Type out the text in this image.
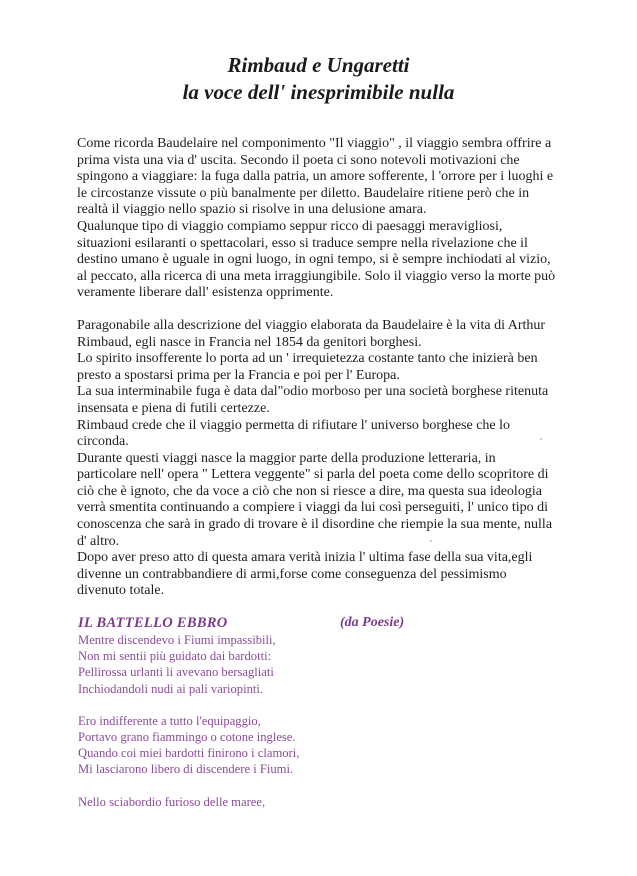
Rimbaud e Ungaretti
la voce dell' inesprimibile nulla
Come ricorda Baudelaire nel componimento "Il viaggio" , il viaggio sembra offrire a
prima vista una via d' uscita. Secondo il poeta ci sono notevoli motivazioni che
spingono a viaggiare: la fuga dalla patria, un amore sofferente, l 'orrore per i luoghi e
le circostanze vissute o più banalmente per diletto. Baudelaire ritiene però che in
realtà il viaggio nello spazio si risolve in una delusione amara.
Qualunque tipo di viaggio compiamo seppur ricco di paesaggi meravigliosi,
situazioni esilaranti o spettacolari, esso si traduce sempre nella rivelazione che il
destino umano è uguale in ogni luogo, in ogni tempo, si è sempre inchiodati al vizio,
al peccato, alla ricerca di una meta irraggiungibile. Solo il viaggio verso la morte può
veramente liberare dall' esistenza opprimente.
Paragonabile alla descrizione del viaggio elaborata da Baudelaire è la vita di Arthur
Rimbaud, egli nasce in Francia nel 1854 da genitori borghesi.
Lo spirito insofferente lo porta ad un ' irrequietezza costante tanto che inizierà ben
presto a spostarsi prima per la Francia e poi per l' Europa.
La sua interminabile fuga è data dal"odio morboso per una società borghese ritenuta
insensata e piena di futili certezze.
Rimbaud crede che il viaggio permetta di rifiutare l' universo borghese che lo
circonda.
Durante questi viaggi nasce la maggior parte della produzione letteraria, in
particolare nell' opera " Lettera veggente" si parla del poeta come dello scopritore di
ciò che è ignoto, che da voce a ciò che non si riesce a dire, ma questa sua ideologia
verrà smentita continuando a compiere i viaggi da lui così perseguiti, l' unico tipo di
conoscenza che sarà in grado di trovare è il disordine che riempie la sua mente, nulla
d' altro.
Dopo aver preso atto di questa amara verità inizia l' ultima fase della sua vita,egli
divenne un contrabbandiere di armi,forse come conseguenza del pessimismo
divenuto totale.
IL BATTELLO EBBRO	(da Poesie)
Mentre discendevo i Fiumi impassibili,
Non mi sentii più guidato dai bardotti:
Pellirossa urlanti li avevano bersagliati
Inchiodandoli nudi ai pali variopinti.
Ero indifferente a tutto l'equipaggio,
Portavo grano fiammingo o cotone inglese.
Quando coi miei bardotti finirono i clamori,
Mi lasciarono libero di discendere i Fiumi.
Nello sciabordio furioso delle maree,
